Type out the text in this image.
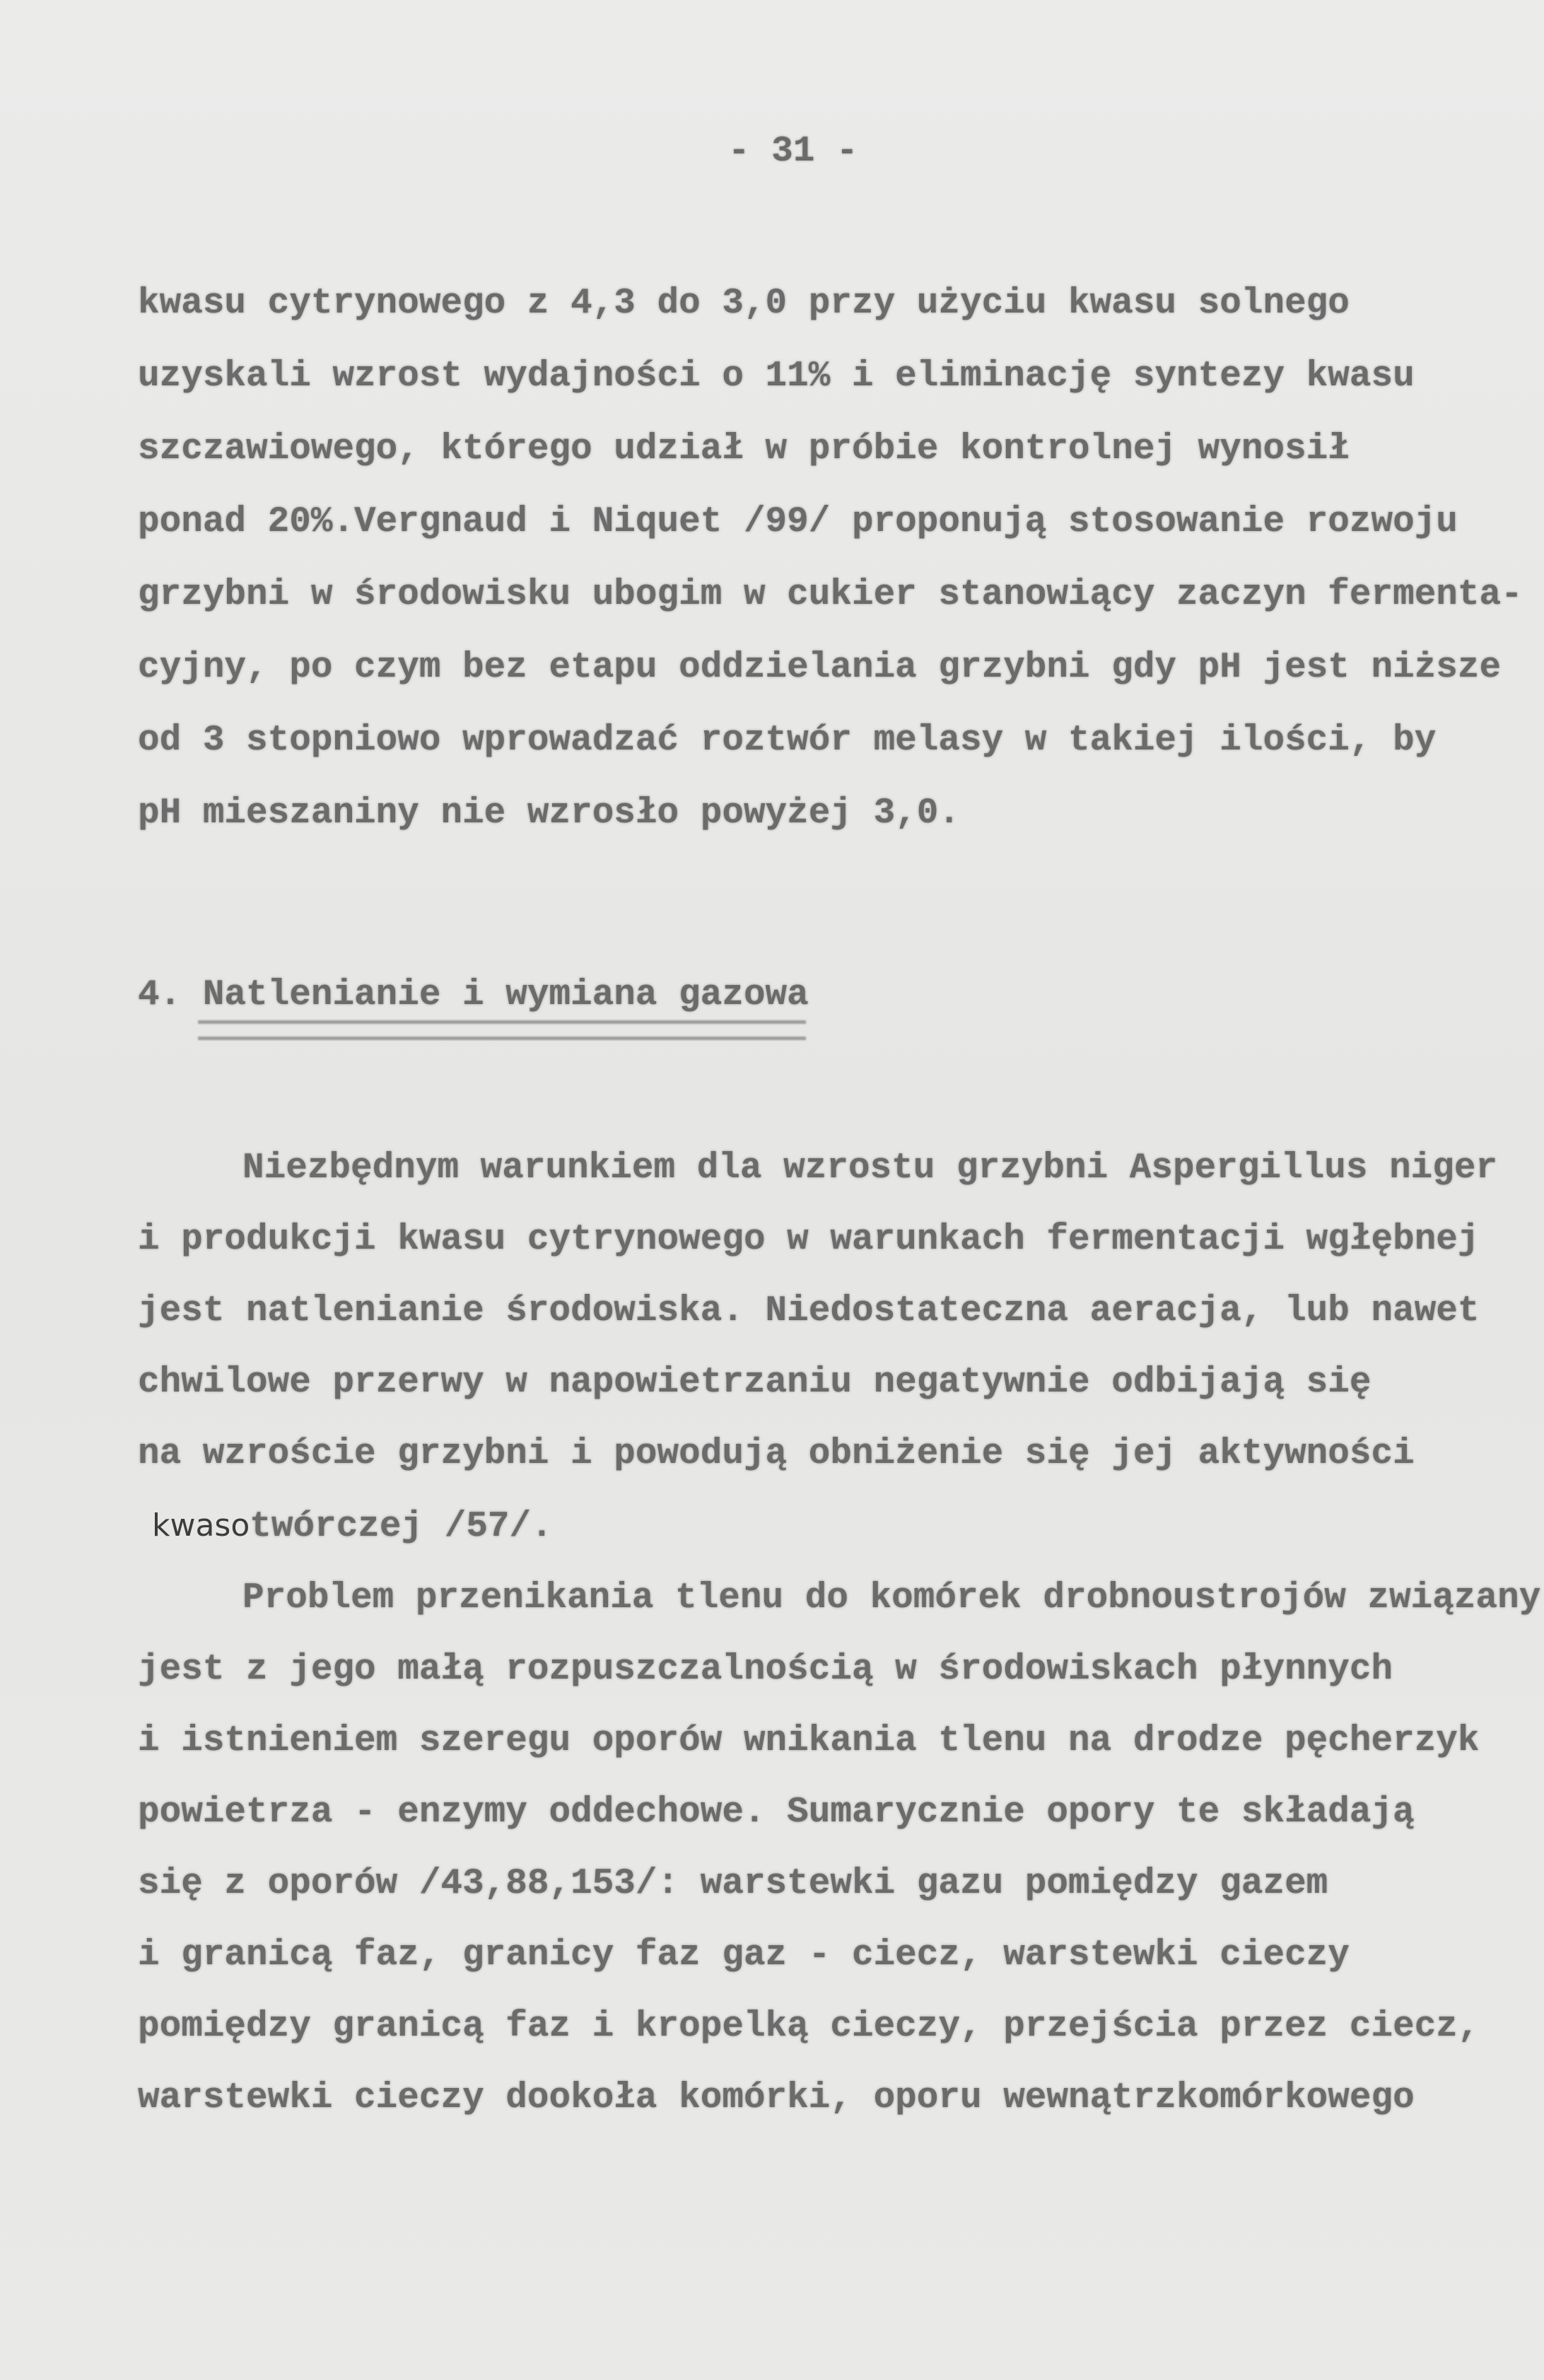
- 31 -
kwasu cytrynowego z 4,3 do 3,0 przy użyciu kwasu solnego
uzyskali wzrost wydajności o 11% i eliminację syntezy kwasu
szczawiowego, którego udział w próbie kontrolnej wynosił
ponad 20%.Vergnaud i Niquet /99/ proponują stosowanie rozwoju
grzybni w środowisku ubogim w cukier stanowiący zaczyn fermenta-
cyjny, po czym bez etapu oddzielania grzybni gdy pH jest niższe
od 3 stopniowo wprowadzać roztwór melasy w takiej ilości, by
pH mieszaniny nie wzrosło powyżej 3,0.
4. Natlenianie i wymiana gazowa
Niezbędnym warunkiem dla wzrostu grzybni Aspergillus niger
i produkcji kwasu cytrynowego w warunkach fermentacji wgłębnej
jest natlenianie środowiska. Niedostateczna aeracja, lub nawet
chwilowe przerwy w napowietrzaniu negatywnie odbijają się
na wzroście grzybni i powodują obniżenie się jej aktywności
kwasotwórczej /57/.
Problem przenikania tlenu do komórek drobnoustrojów związany
jest z jego małą rozpuszczalnością w środowiskach płynnych
i istnieniem szeregu oporów wnikania tlenu na drodze pęcherzyk
powietrza - enzymy oddechowe. Sumarycznie opory te składają
się z oporów /43,88,153/: warstewki gazu pomiędzy gazem
i granicą faz, granicy faz gaz - ciecz, warstewki cieczy
pomiędzy granicą faz i kropelką cieczy, przejścia przez ciecz,
warstewki cieczy dookoła komórki, oporu wewnątrzkomórkowego
